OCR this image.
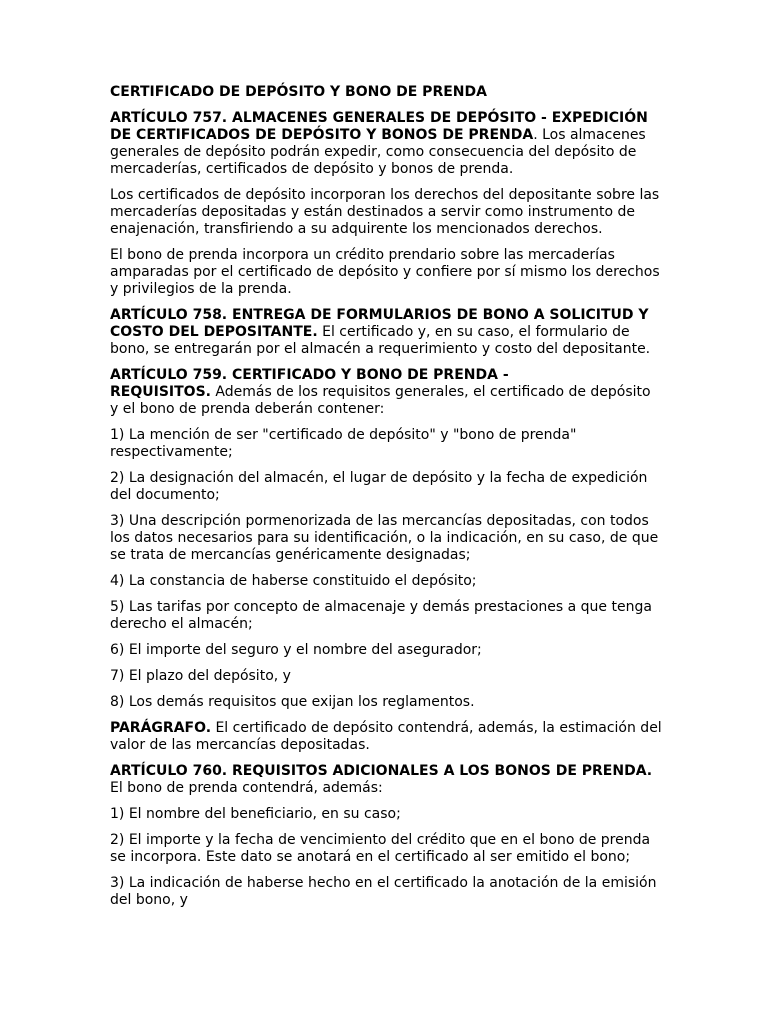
CERTIFICADO DE DEPÓSITO Y BONO DE PRENDA

ARTÍCULO 757. ALMACENES GENERALES DE DEPÓSITO - EXPEDICIÓN DE CERTIFICADOS DE DEPÓSITO Y BONOS DE PRENDA. Los almacenes generales de depósito podrán expedir, como consecuencia del depósito de mercaderías, certificados de depósito y bonos de prenda.

Los certificados de depósito incorporan los derechos del depositante sobre las mercaderías depositadas y están destinados a servir como instrumento de enajenación, transfiriendo a su adquirente los mencionados derechos.

El bono de prenda incorpora un crédito prendario sobre las mercaderías amparadas por el certificado de depósito y confiere por sí mismo los derechos y privilegios de la prenda.

ARTÍCULO 758. ENTREGA DE FORMULARIOS DE BONO A SOLICITUD Y COSTO DEL DEPOSITANTE. El certificado y, en su caso, el formulario de bono, se entregarán por el almacén a requerimiento y costo del depositante.

ARTÍCULO 759. CERTIFICADO Y BONO DE PRENDA -
REQUISITOS. Además de los requisitos generales, el certificado de depósito y el bono de prenda deberán contener:

1) La mención de ser "certificado de depósito" y "bono de prenda" respectivamente;

2) La designación del almacén, el lugar de depósito y la fecha de expedición del documento;

3) Una descripción pormenorizada de las mercancías depositadas, con todos los datos necesarios para su identificación, o la indicación, en su caso, de que se trata de mercancías genéricamente designadas;

4) La constancia de haberse constituido el depósito;

5) Las tarifas por concepto de almacenaje y demás prestaciones a que tenga derecho el almacén;

6) El importe del seguro y el nombre del asegurador;

7) El plazo del depósito, y

8) Los demás requisitos que exijan los reglamentos.

PARÁGRAFO. El certificado de depósito contendrá, además, la estimación del valor de las mercancías depositadas.

ARTÍCULO 760. REQUISITOS ADICIONALES A LOS BONOS DE PRENDA. El bono de prenda contendrá, además:

1) El nombre del beneficiario, en su caso;

2) El importe y la fecha de vencimiento del crédito que en el bono de prenda se incorpora. Este dato se anotará en el certificado al ser emitido el bono;

3) La indicación de haberse hecho en el certificado la anotación de la emisión del bono, y
